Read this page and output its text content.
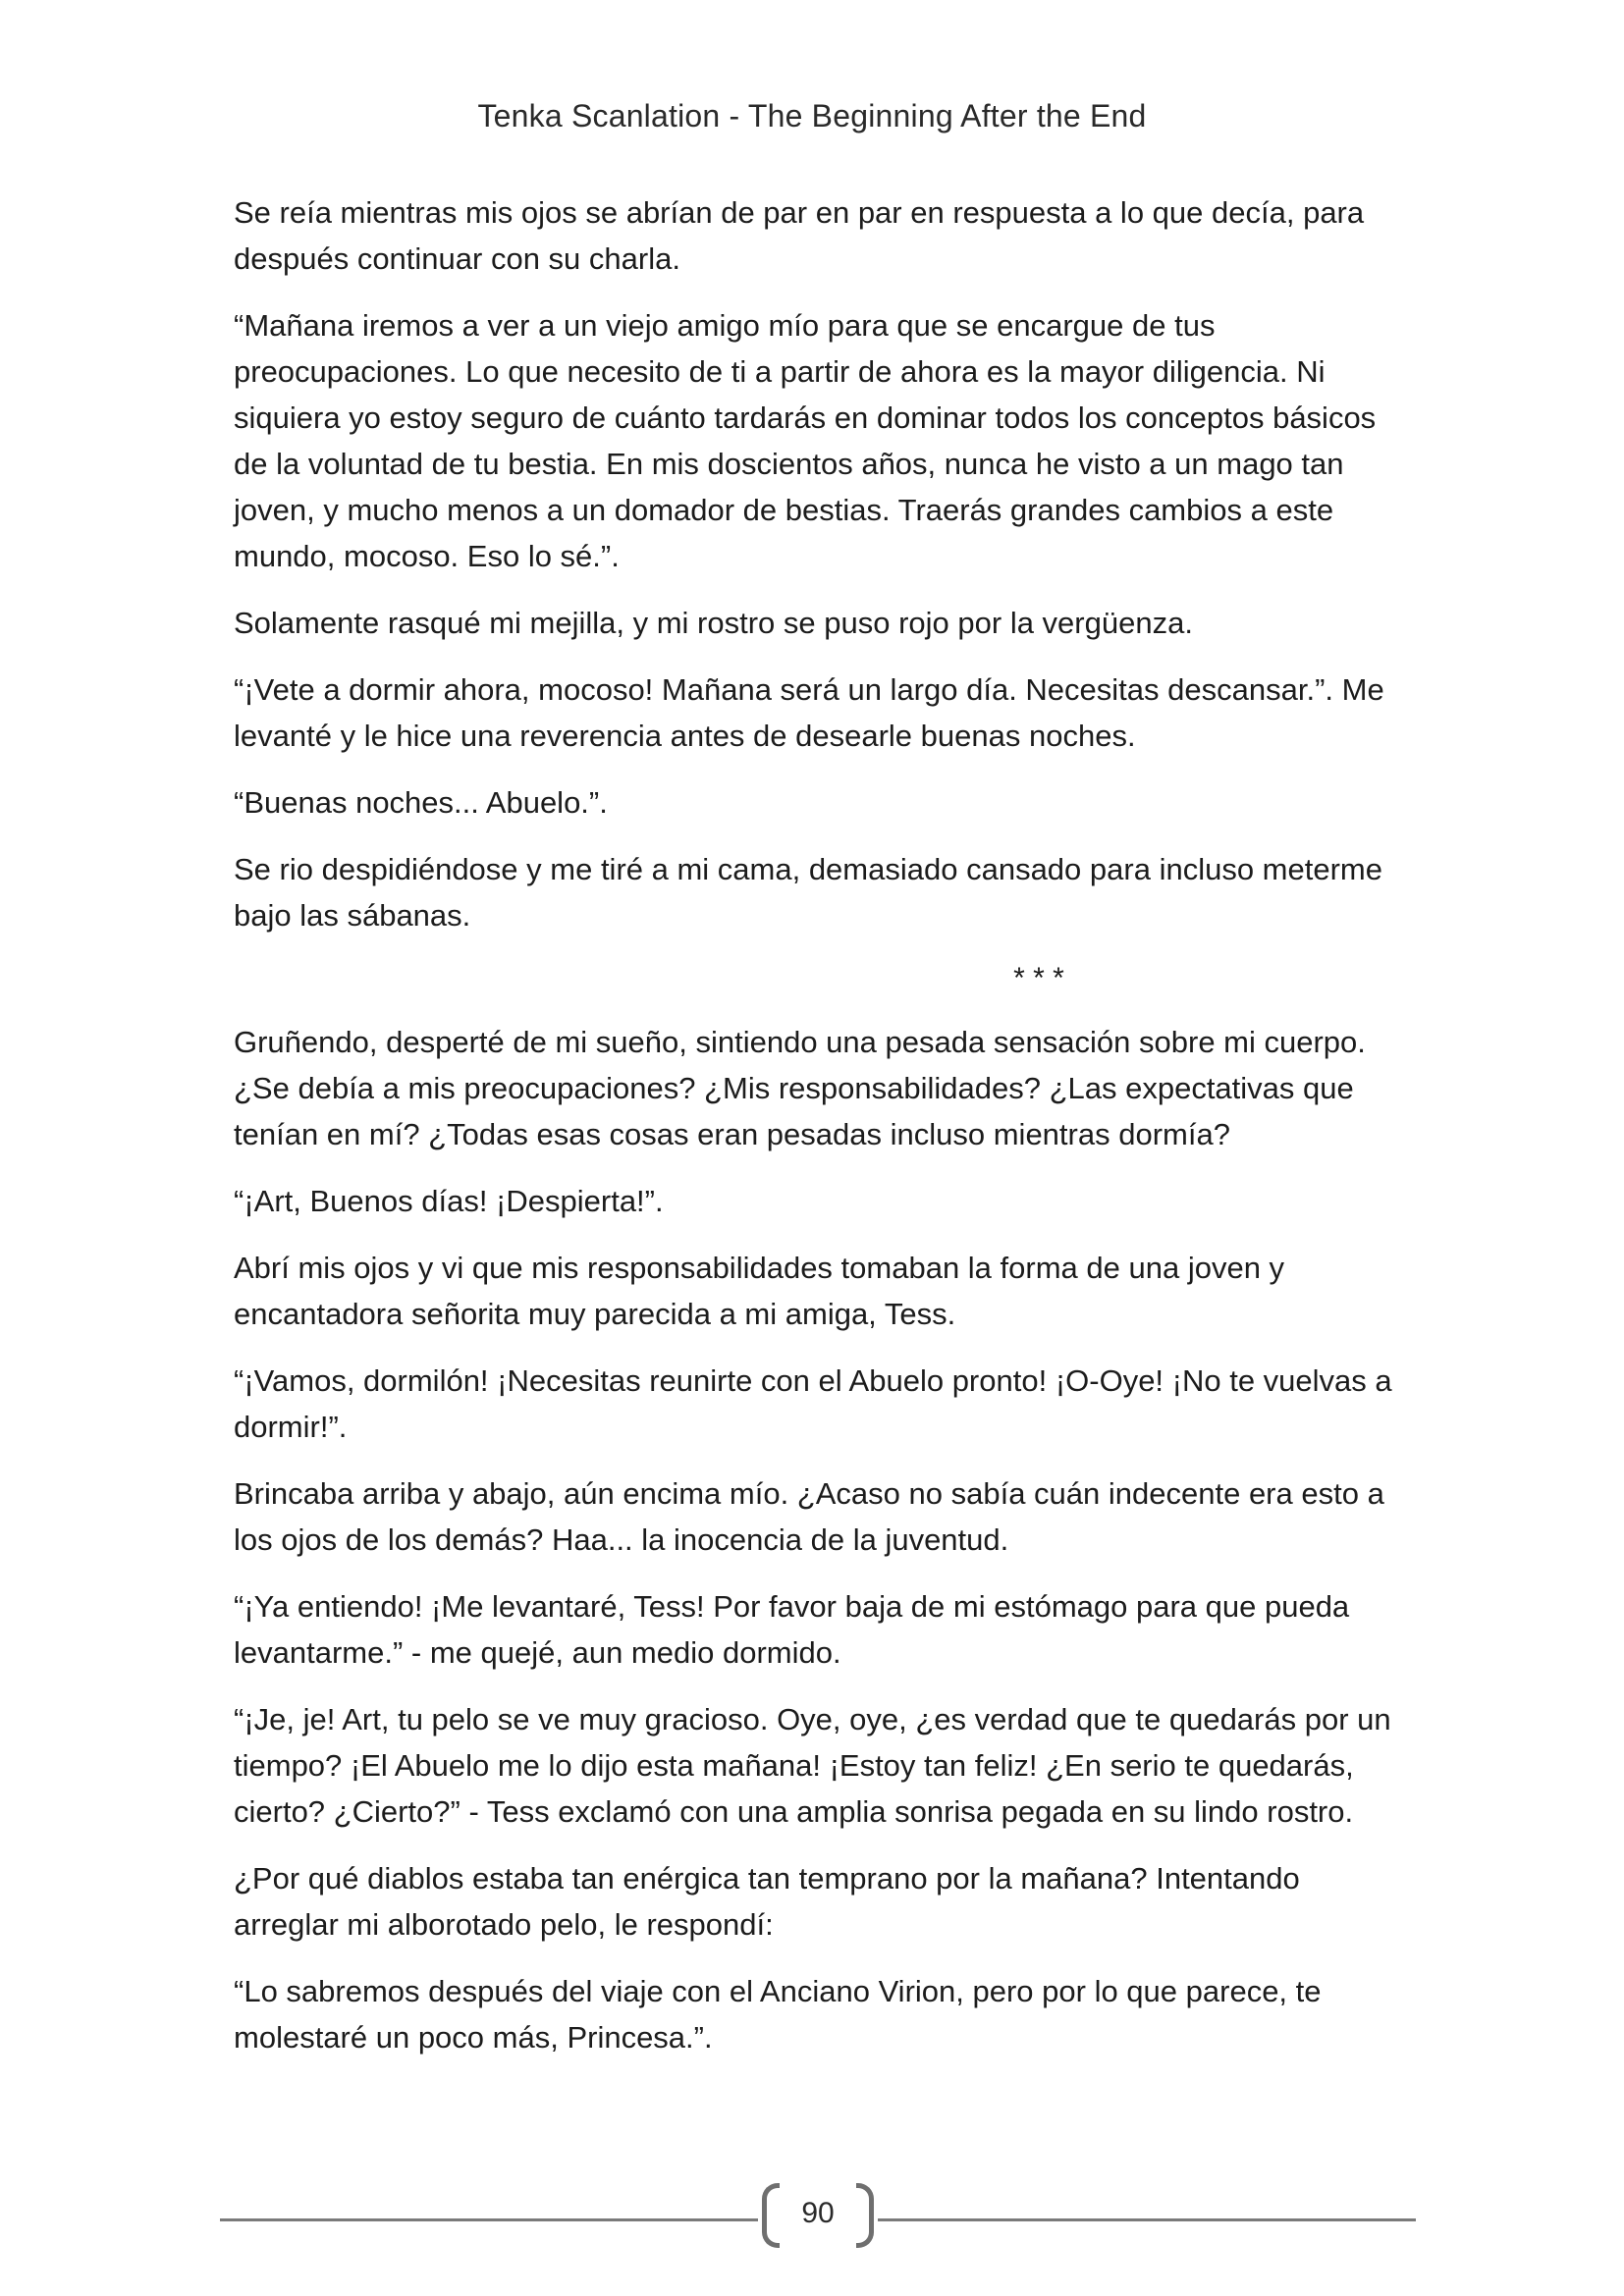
Tenka Scanlation - The Beginning After the End

Se reía mientras mis ojos se abrían de par en par en respuesta a lo que decía, para después continuar con su charla.

“Mañana iremos a ver a un viejo amigo mío para que se encargue de tus preocupaciones. Lo que necesito de ti a partir de ahora es la mayor diligencia. Ni siquiera yo estoy seguro de cuánto tardarás en dominar todos los conceptos básicos de la voluntad de tu bestia. En mis doscientos años, nunca he visto a un mago tan joven, y mucho menos a un domador de bestias. Traerás grandes cambios a este mundo, mocoso. Eso lo sé.”.

Solamente rasqué mi mejilla, y mi rostro se puso rojo por la vergüenza.

“¡Vete a dormir ahora, mocoso! Mañana será un largo día. Necesitas descansar.”. Me levanté y le hice una reverencia antes de desearle buenas noches.

“Buenas noches... Abuelo.”.

Se rio despidiéndose y me tiré a mi cama, demasiado cansado para incluso meterme bajo las sábanas.

* * *

Gruñendo, desperté de mi sueño, sintiendo una pesada sensación sobre mi cuerpo. ¿Se debía a mis preocupaciones? ¿Mis responsabilidades? ¿Las expectativas que tenían en mí? ¿Todas esas cosas eran pesadas incluso mientras dormía?

“¡Art, Buenos días! ¡Despierta!”.

Abrí mis ojos y vi que mis responsabilidades tomaban la forma de una joven y encantadora señorita muy parecida a mi amiga, Tess.

“¡Vamos, dormilón! ¡Necesitas reunirte con el Abuelo pronto! ¡O-Oye! ¡No te vuelvas a dormir!”.

Brincaba arriba y abajo, aún encima mío. ¿Acaso no sabía cuán indecente era esto a los ojos de los demás? Haa... la inocencia de la juventud.

“¡Ya entiendo! ¡Me levantaré, Tess! Por favor baja de mi estómago para que pueda levantarme.” - me quejé, aun medio dormido.

“¡Je, je! Art, tu pelo se ve muy gracioso. Oye, oye, ¿es verdad que te quedarás por un tiempo? ¡El Abuelo me lo dijo esta mañana! ¡Estoy tan feliz! ¿En serio te quedarás, cierto? ¿Cierto?” - Tess exclamó con una amplia sonrisa pegada en su lindo rostro.

¿Por qué diablos estaba tan enérgica tan temprano por la mañana? Intentando arreglar mi alborotado pelo, le respondí:

“Lo sabremos después del viaje con el Anciano Virion, pero por lo que parece, te molestaré un poco más, Princesa.”.

90
